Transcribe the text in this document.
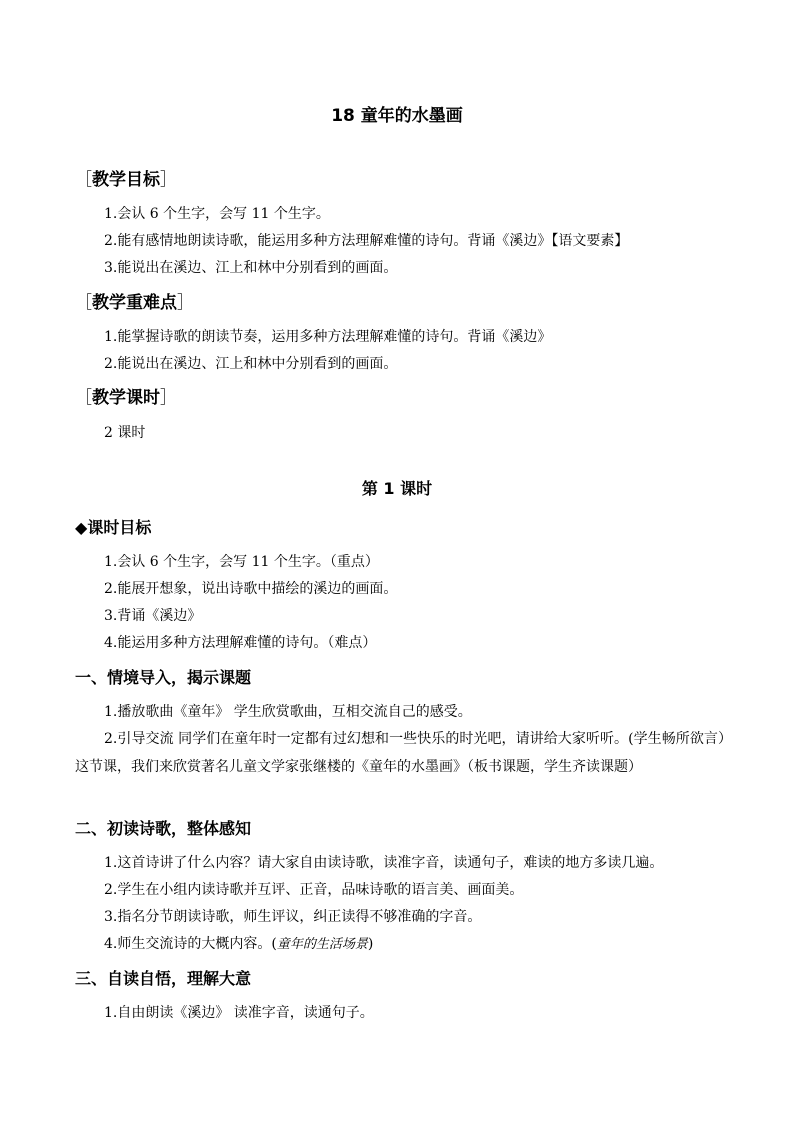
18 童年的水墨画
［教学目标］
1.会认 6 个生字，会写 11 个生字。
2.能有感情地朗读诗歌，能运用多种方法理解难懂的诗句。背诵《溪边》【语文要素】
3.能说出在溪边、江上和林中分别看到的画面。
［教学重难点］
1.能掌握诗歌的朗读节奏，运用多种方法理解难懂的诗句。背诵《溪边》
2.能说出在溪边、江上和林中分别看到的画面。
［教学课时］
2 课时
第 1 课时
◆课时目标
1.会认 6 个生字，会写 11 个生字。（重点）
2.能展开想象，说出诗歌中描绘的溪边的画面。
3.背诵《溪边》
4.能运用多种方法理解难懂的诗句。（难点）
一、情境导入，揭示课题
1.播放歌曲《童年》 学生欣赏歌曲，互相交流自己的感受。
2.引导交流 同学们在童年时一定都有过幻想和一些快乐的时光吧，请讲给大家听听。(学生畅所欲言）这节课，我们来欣赏著名儿童文学家张继楼的《童年的水墨画》（板书课题，学生齐读课题）
二、初读诗歌，整体感知
1.这首诗讲了什么内容？请大家自由读诗歌，读准字音，读通句子，难读的地方多读几遍。
2.学生在小组内读诗歌并互评、正音，品味诗歌的语言美、画面美。
3.指名分节朗读诗歌，师生评议，纠正读得不够准确的字音。
4.师生交流诗的大概内容。(童年的生活场景)
三、自读自悟，理解大意
1.自由朗读《溪边》 读准字音，读通句子。
